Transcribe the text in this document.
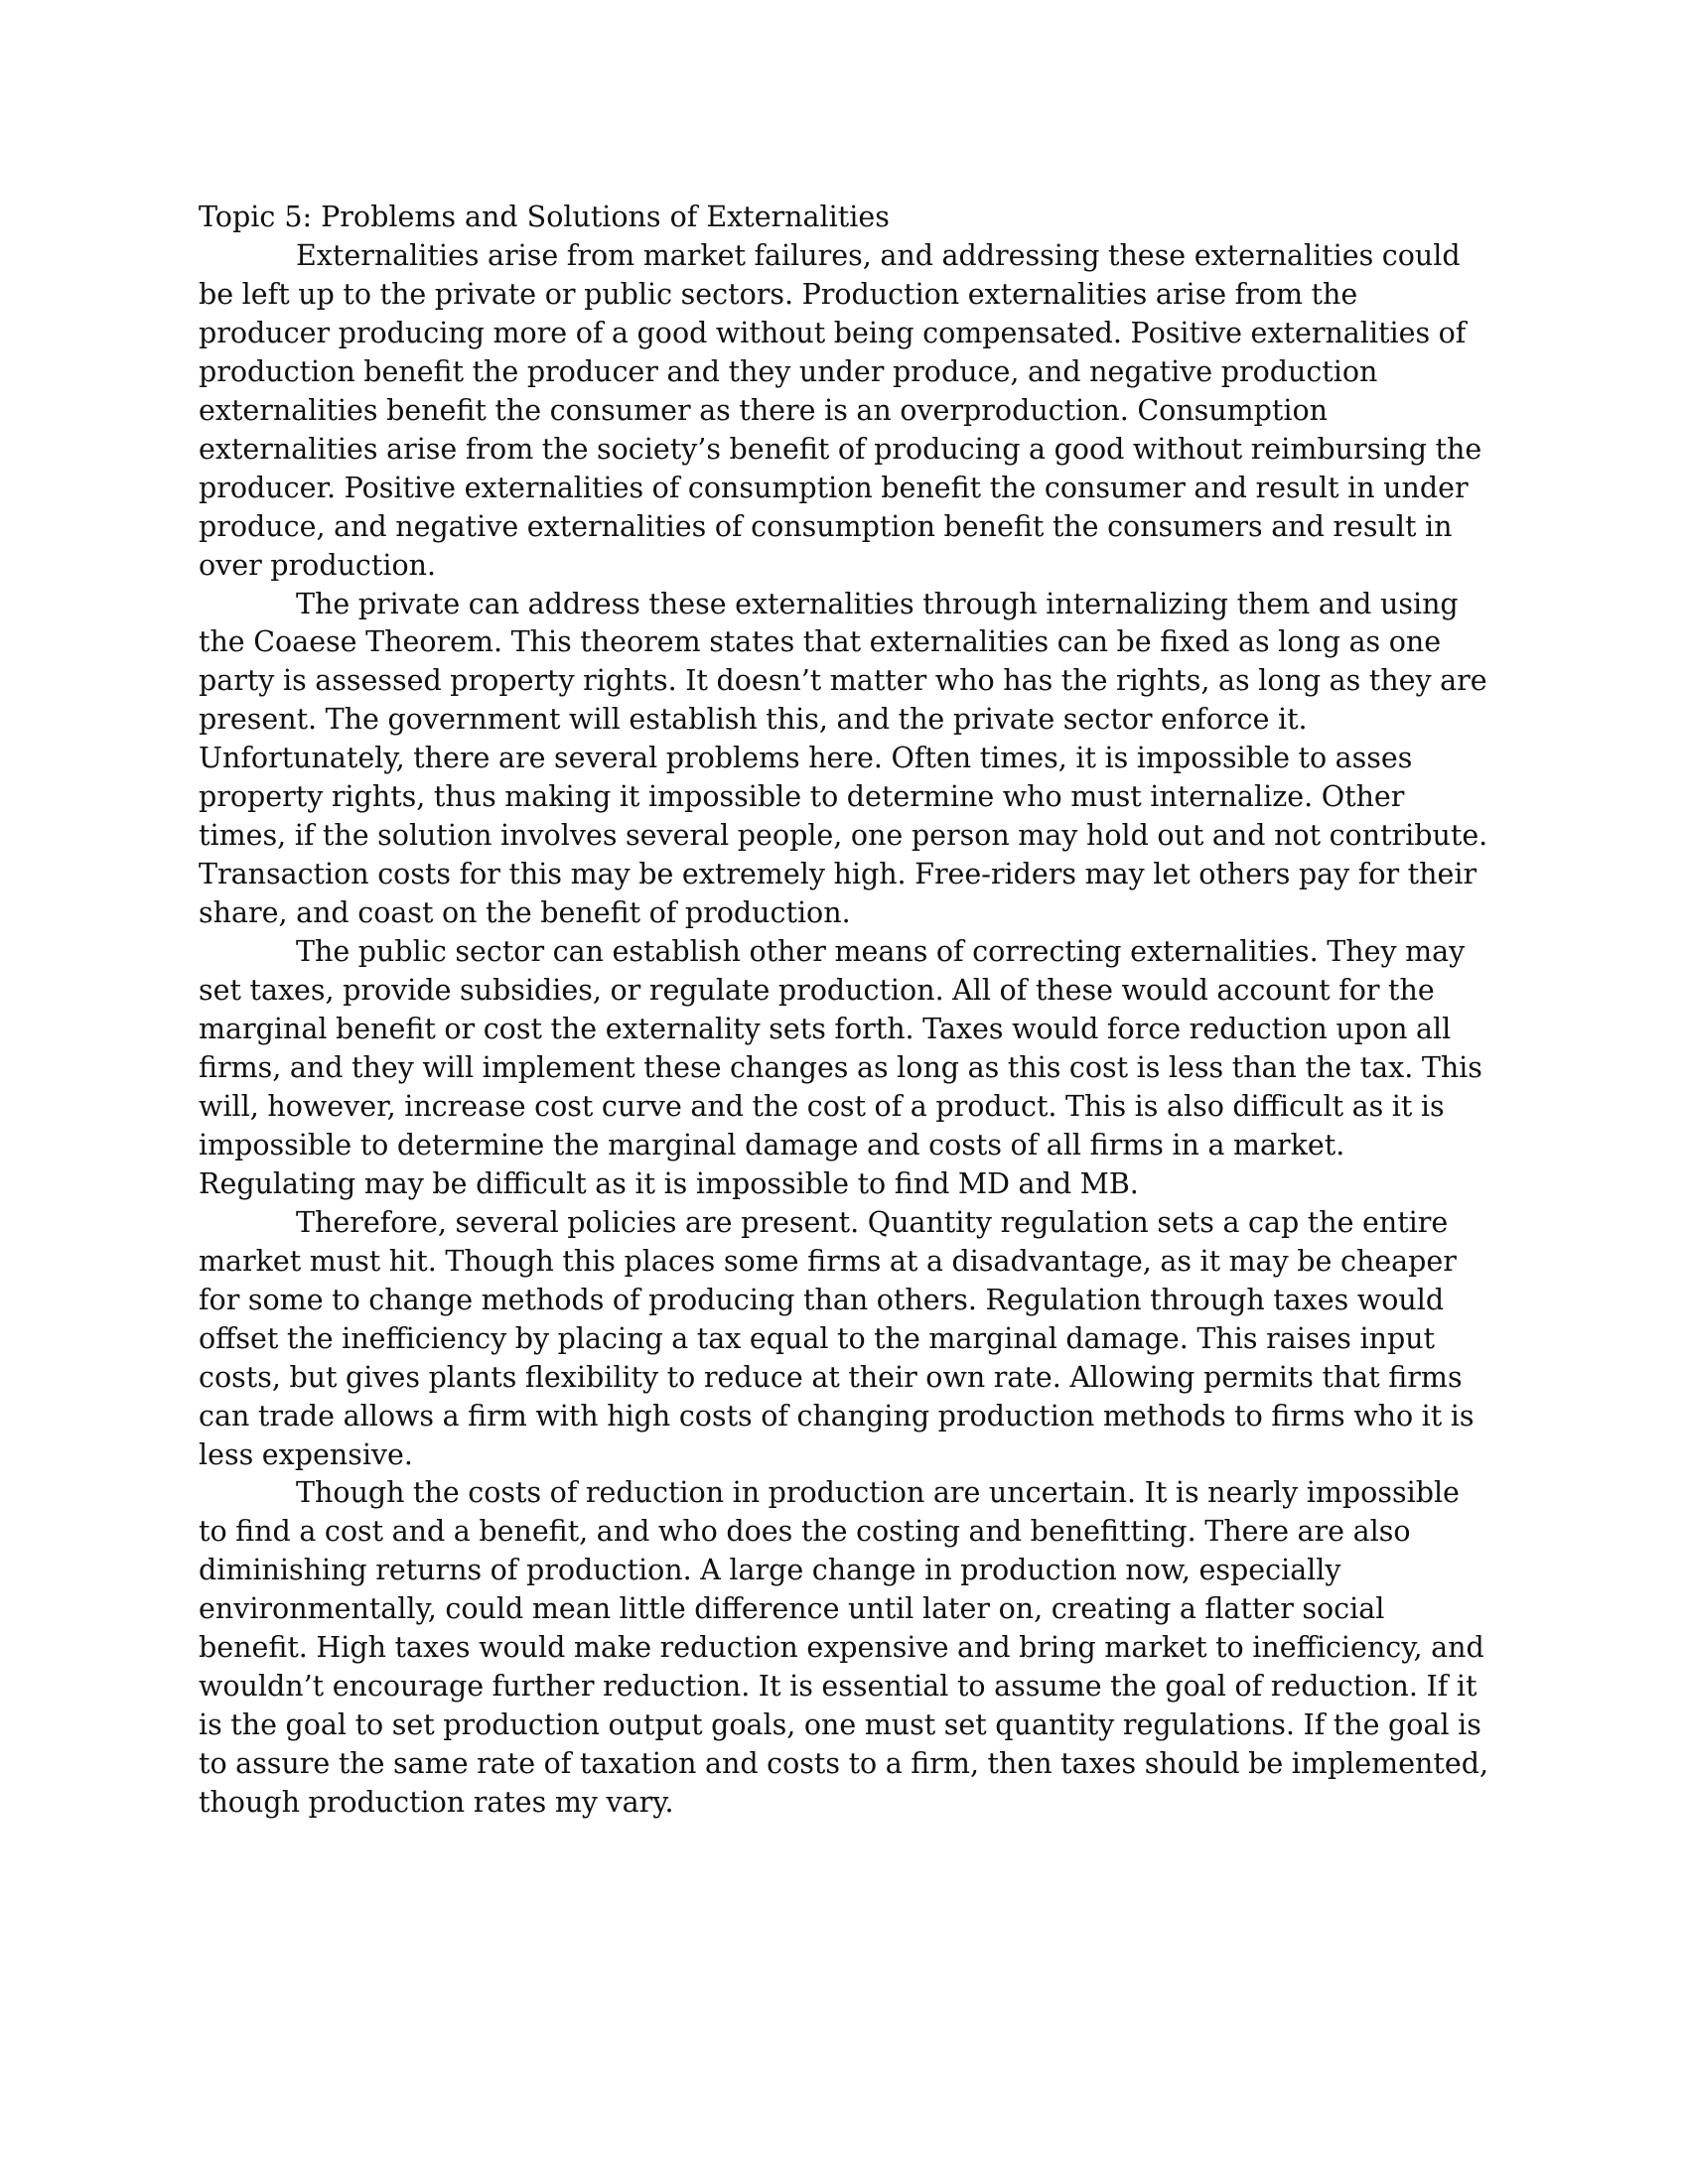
Topic 5: Problems and Solutions of Externalities

Externalities arise from market failures, and addressing these externalities could be left up to the private or public sectors. Production externalities arise from the producer producing more of a good without being compensated. Positive externalities of production benefit the producer and they under produce, and negative production externalities benefit the consumer as there is an overproduction. Consumption externalities arise from the society’s benefit of producing a good without reimbursing the producer. Positive externalities of consumption benefit the consumer and result in under produce, and negative externalities of consumption benefit the consumers and result in over production.

The private can address these externalities through internalizing them and using the Coaese Theorem. This theorem states that externalities can be fixed as long as one party is assessed property rights. It doesn’t matter who has the rights, as long as they are present. The government will establish this, and the private sector enforce it. Unfortunately, there are several problems here. Often times, it is impossible to asses property rights, thus making it impossible to determine who must internalize. Other times, if the solution involves several people, one person may hold out and not contribute. Transaction costs for this may be extremely high. Free-riders may let others pay for their share, and coast on the benefit of production.

The public sector can establish other means of correcting externalities. They may set taxes, provide subsidies, or regulate production. All of these would account for the marginal benefit or cost the externality sets forth. Taxes would force reduction upon all firms, and they will implement these changes as long as this cost is less than the tax. This will, however, increase cost curve and the cost of a product. This is also difficult as it is impossible to determine the marginal damage and costs of all firms in a market. Regulating may be difficult as it is impossible to find MD and MB.

Therefore, several policies are present. Quantity regulation sets a cap the entire market must hit. Though this places some firms at a disadvantage, as it may be cheaper for some to change methods of producing than others. Regulation through taxes would offset the inefficiency by placing a tax equal to the marginal damage. This raises input costs, but gives plants flexibility to reduce at their own rate. Allowing permits that firms can trade allows a firm with high costs of changing production methods to firms who it is less expensive.

Though the costs of reduction in production are uncertain. It is nearly impossible to find a cost and a benefit, and who does the costing and benefitting. There are also diminishing returns of production. A large change in production now, especially environmentally, could mean little difference until later on, creating a flatter social benefit. High taxes would make reduction expensive and bring market to inefficiency, and wouldn’t encourage further reduction. It is essential to assume the goal of reduction. If it is the goal to set production output goals, one must set quantity regulations. If the goal is to assure the same rate of taxation and costs to a firm, then taxes should be implemented, though production rates my vary.
